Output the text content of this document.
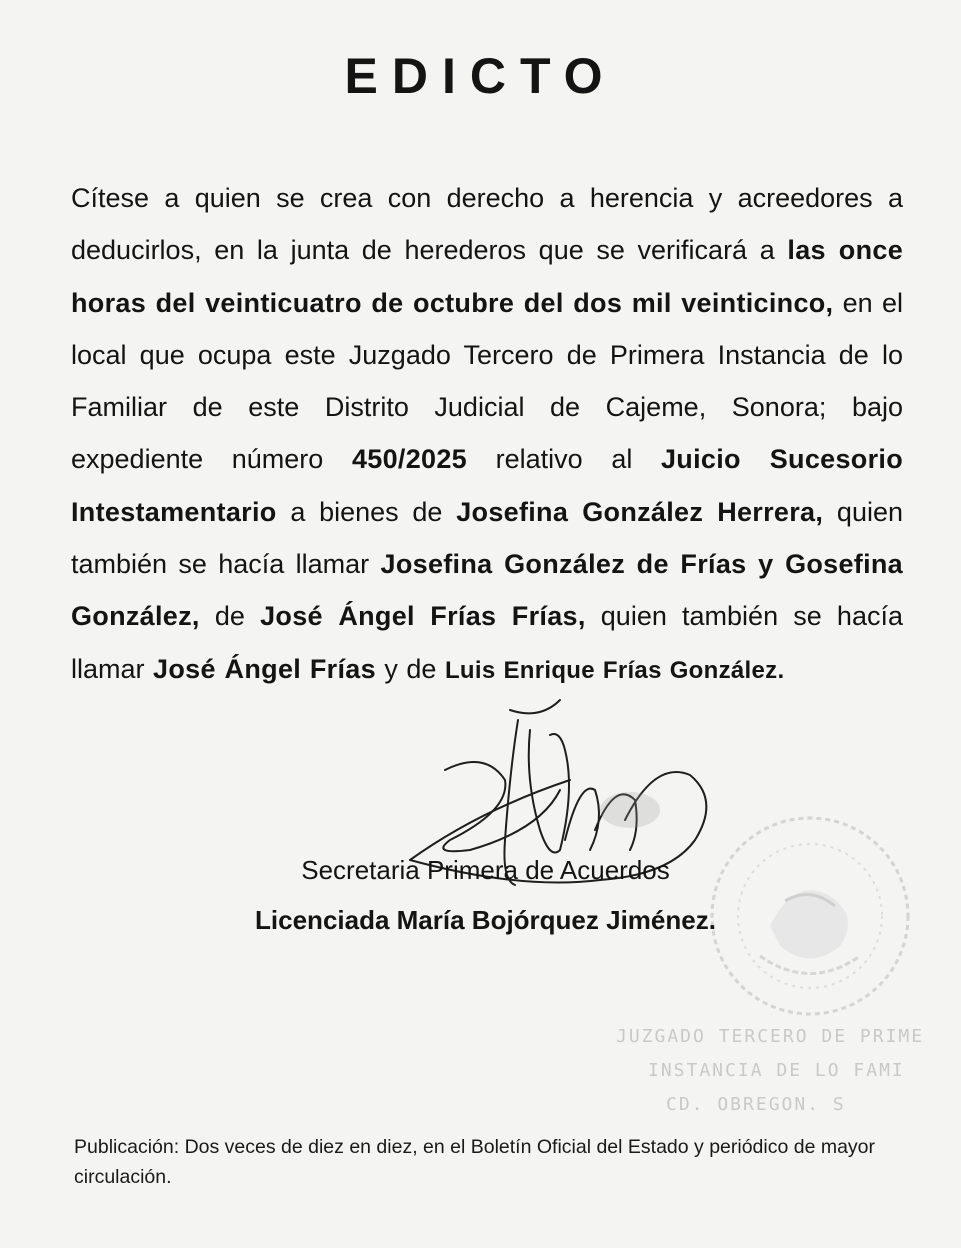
EDICTO

Cítese a quien se crea con derecho a herencia y acreedores a deducirlos, en la junta de herederos que se verificará a las once horas del veinticuatro de octubre del dos mil veinticinco, en el local que ocupa este Juzgado Tercero de Primera Instancia de lo Familiar de este Distrito Judicial de Cajeme, Sonora; bajo expediente número 450/2025 relativo al Juicio Sucesorio Intestamentario a bienes de Josefina González Herrera, quien también se hacía llamar Josefina González de Frías y Gosefina González, de José Ángel Frías Frías, quien también se hacía llamar José Ángel Frías y de Luis Enrique Frías González.

Secretaria Primera de Acuerdos

Licenciada María Bojórquez Jiménez.

JUZGADO TERCERO DE PRIME
INSTANCIA DE LO FAMI
CD. OBREGON. S

Publicación: Dos veces de diez en diez, en el Boletín Oficial del Estado y periódico de mayor circulación.
